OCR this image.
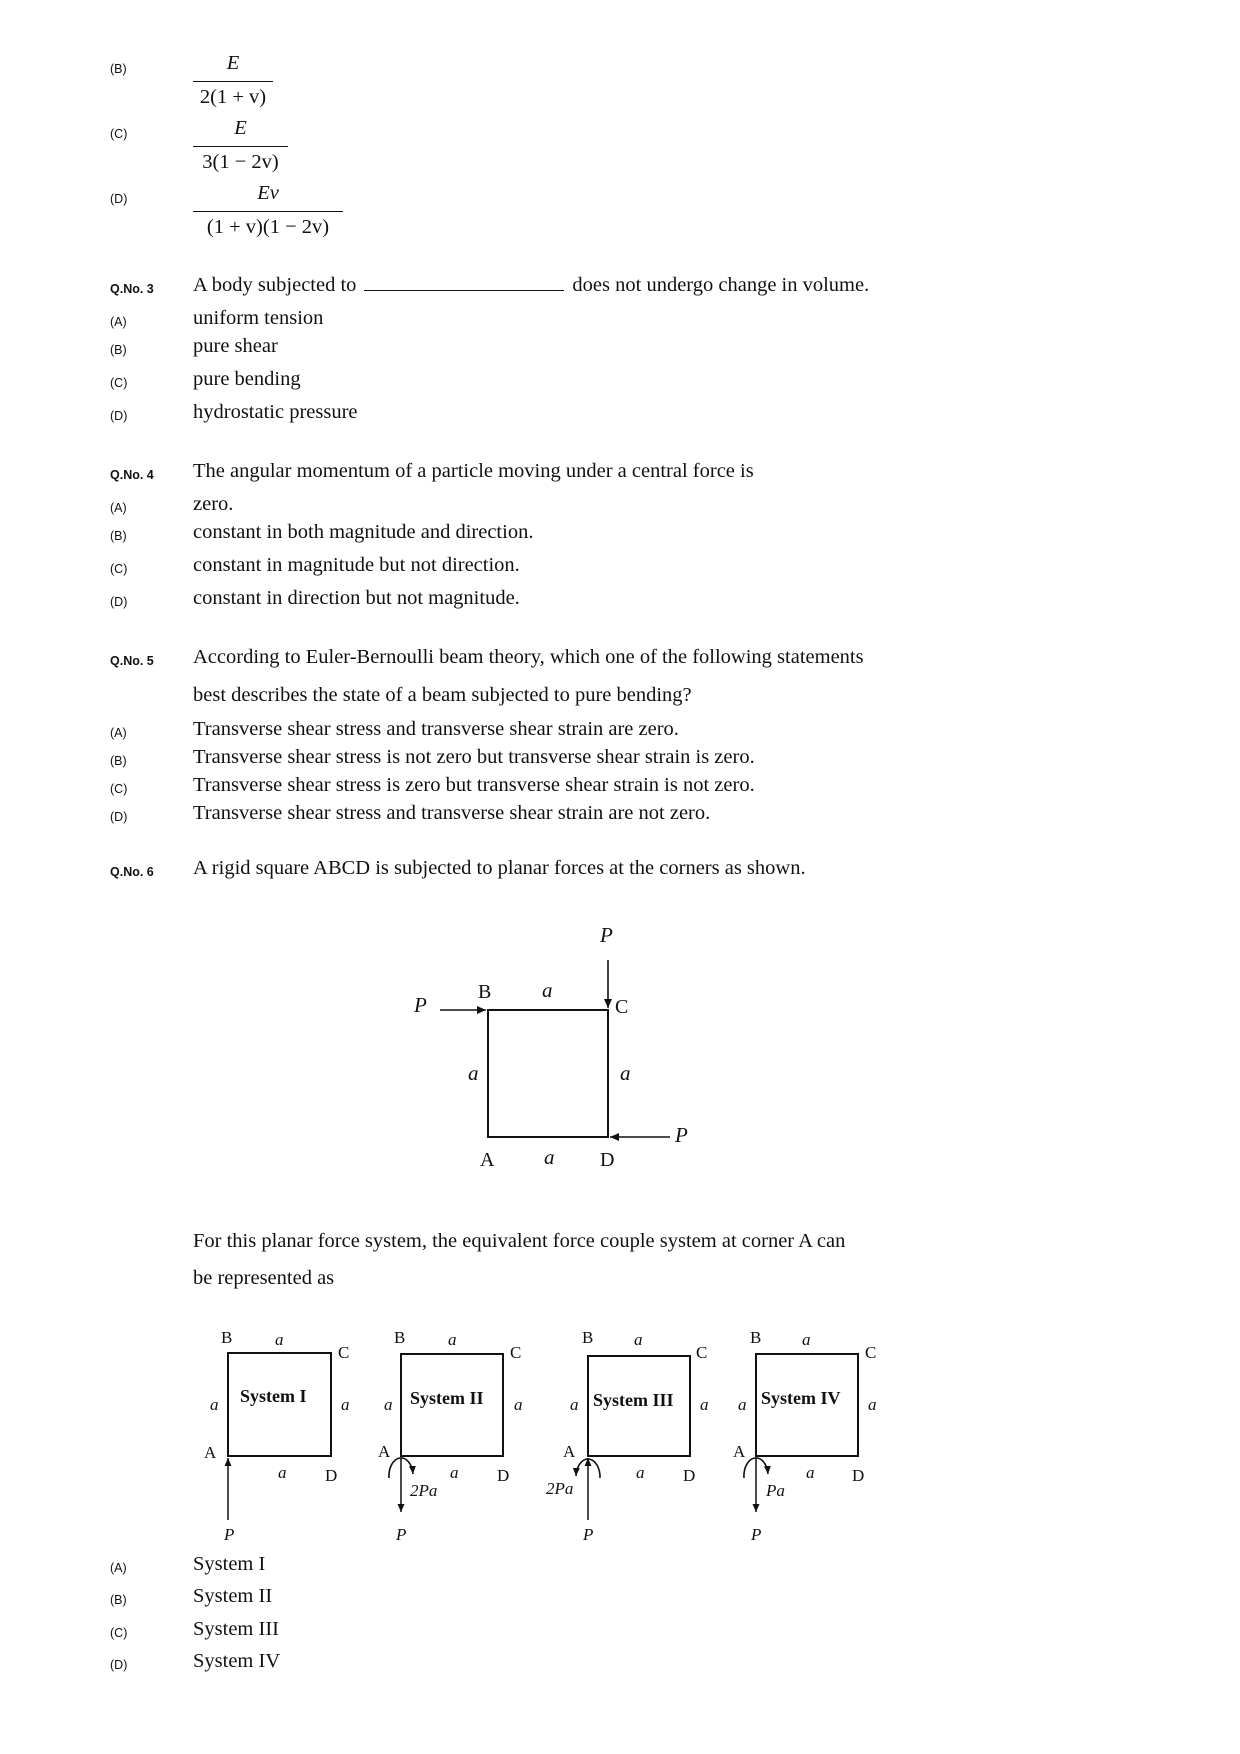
(B)	E
2(1 + v)
(C)	E
3(1 − 2v)
(D)	Ev
(1 + v)(1 − 2v)
Q.No. 3 A body subjected to	does not undergo change in volume.
(A)	uniform tension
(B)	pure shear
(C)	pure bending
(D)	hydrostatic pressure
Q.No. 4 The angular momentum of a particle moving under a central force is
(A)	zero.
(B)	constant in both magnitude and direction.
(C)	constant in magnitude but not direction.
(D)	constant in direction but not magnitude.
Q.No. 5 According to Euler-Bernoulli beam theory, which one of the following statements
best describes the state of a beam subjected to pure bending?
(A)	Transverse shear stress and transverse shear strain are zero.
(B)	Transverse shear stress is not zero but transverse shear strain is zero.
(C)	Transverse shear stress is zero but transverse shear strain is not zero.
(D)	Transverse shear stress and transverse shear strain are not zero.
Q.No. 6 A rigid square ABCD is subjected to planar forces at the corners as shown.
P
P
P
B
C
A	D
a
a	a
a
For this planar force system, the equivalent force couple system at corner A can
be represented as
System I
B
C
A
D
a
a	a
a
P
System II
B
C
A
D
a
a	a
a
2Pa
P
System III
B
C
A
D
a
a	a
a
2Pa
P
System IV
B
C
A
D
a
a	a
a
Pa
P
(A)	System I
(B)	System II
(C)	System III
(D)	System IV
